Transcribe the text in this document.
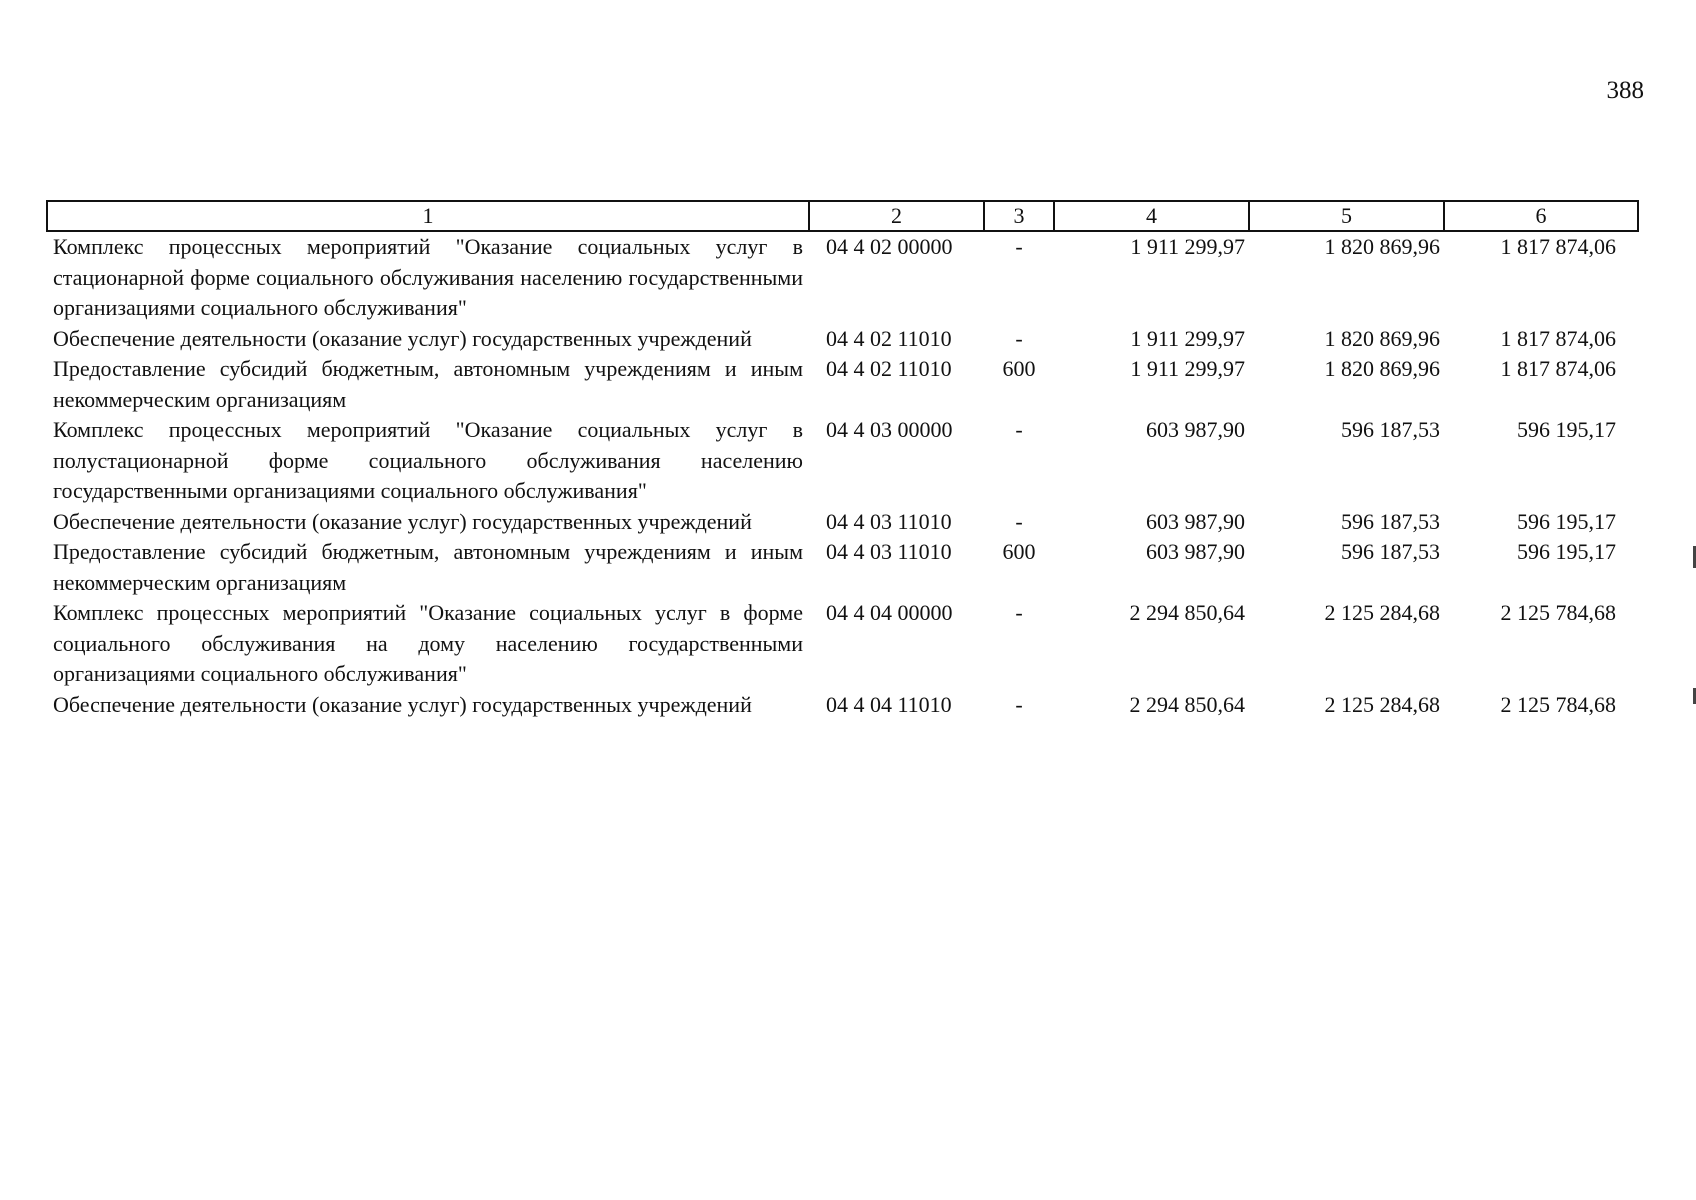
388
1	2	3	4	5	6
Комплекс процессных мероприятий "Оказание социальных услуг в стационарной форме социального обслуживания населению государственными организациями социального обслуживания"	04 4 02 00000	-	1 911 299,97	1 820 869,96	1 817 874,06
Обеспечение деятельности (оказание услуг) государственных учреждений	04 4 02 11010	-	1 911 299,97	1 820 869,96	1 817 874,06
Предоставление субсидий бюджетным, автономным учреждениям и иным некоммерческим организациям	04 4 02 11010	600	1 911 299,97	1 820 869,96	1 817 874,06
Комплекс процессных мероприятий "Оказание социальных услуг в полустационарной форме социального обслуживания населению государственными организациями социального обслуживания"	04 4 03 00000	-	603 987,90	596 187,53	596 195,17
Обеспечение деятельности (оказание услуг) государственных учреждений	04 4 03 11010	-	603 987,90	596 187,53	596 195,17
Предоставление субсидий бюджетным, автономным учреждениям и иным некоммерческим организациям	04 4 03 11010	600	603 987,90	596 187,53	596 195,17
Комплекс процессных мероприятий "Оказание социальных услуг в форме социального обслуживания на дому населению государственными организациями социального обслуживания"	04 4 04 00000	-	2 294 850,64	2 125 284,68	2 125 784,68
Обеспечение деятельности (оказание услуг) государственных учреждений	04 4 04 11010	-	2 294 850,64	2 125 284,68	2 125 784,68
